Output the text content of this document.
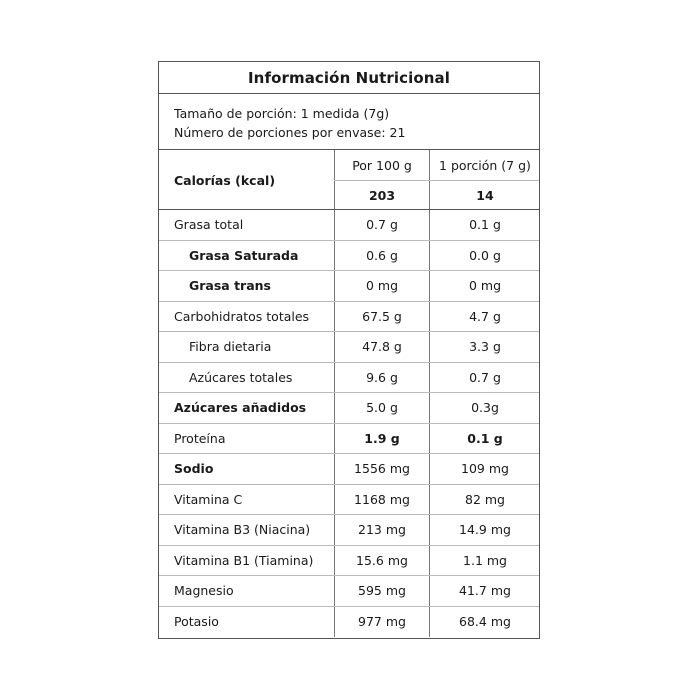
Información Nutricional
Tamaño de porción: 1 medida (7g)
Número de porciones por envase: 21
Calorías (kcal)
Por 100 g	1 porción (7 g)
203	14
Grasa total	0.7 g	0.1 g
Grasa Saturada	0.6 g	0.0 g
Grasa trans	0 mg	0 mg
Carbohidratos totales	67.5 g	4.7 g
Fibra dietaria	47.8 g	3.3 g
Azúcares totales	9.6 g	0.7 g
Azúcares añadidos	5.0 g	0.3g
Proteína	1.9 g	0.1 g
Sodio	1556 mg	109 mg
Vitamina C	1168 mg	82 mg
Vitamina B3 (Niacina)	213 mg	14.9 mg
Vitamina B1 (Tiamina)	15.6 mg	1.1 mg
Magnesio	595 mg	41.7 mg
Potasio	977 mg	68.4 mg
